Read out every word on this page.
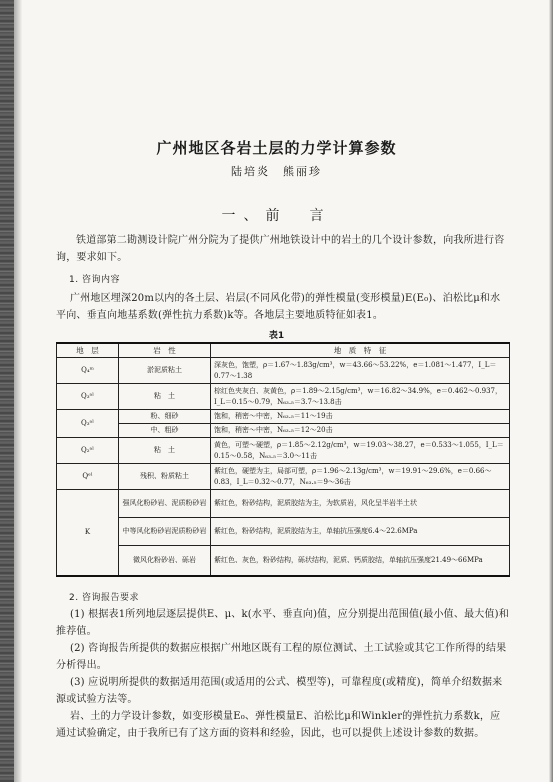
广州地区各岩土层的力学计算参数
陆培炎　熊丽珍
一、前　言
铁道部第二勘测设计院广州分院为了提供广州地铁设计中的岩土的几个设计参数，向我所进行咨询，要求如下。
1. 咨询内容
广州地区埋深20m以内的各土层、岩层(不同风化带)的弹性模量(变形模量)E(E₀)、泊松比μ和水平向、垂直向地基系数(弹性抗力系数)k等。各地层主要地质特征如表1。
表1
地　层	岩　性	地　质　特　征
Q₄ᵐ	淤泥质粘土	深灰色，饱塑，ρ＝1.67～1.83g/cm³，w＝43.66～53.22%，e＝1.081～1.477，I_L＝0.77～1.38
Q₃ᵃˡ	粘　土	棕红色夹灰白、灰黄色，ρ＝1.89～2.15g/cm³，w＝16.82～34.9%，e＝0.462～0.937，I_L＝0.15～0.79，N₆₃.₅＝3.7～13.8击
Q₃ᵃˡ	粉、细砂	饱和，稍密～中密，N₆₃.₅＝11～19击
	中、粗砂	饱和，稍密～中密，N₆₃.₅＝12～20击
Q₂ᵃˡ	粘　土	黄色，可塑～硬塑，ρ＝1.85～2.12g/cm³，w＝19.03～38.27，e＝0.533～1.055，I_L＝0.15～0.58，N₆₃.₅＝3.0～11击
Qᵉˡ	残积、粉质粘土	紫红色，硬塑为主，局部可塑，ρ＝1.96～2.13g/cm³，w＝19.91～29.6%，e＝0.66～0.83，I_L＝0.32～0.77，N₆₃.₅＝9～36击
K	强风化粉砂岩、泥质粉砂岩	紫红色，粉砂结构，泥质胶结为主，为软质岩，风化呈半岩半土状
	中等风化粉砂岩泥质粉砂岩	紫红色，粉砂结构，泥质胶结为主，单轴抗压强度6.4～22.6MPa
	微风化粉砂岩、砾岩	紫红色、灰色，粉砂结构，砾状结构，泥质、钙质胶结，单轴抗压强度21.49～66MPa
2. 咨询报告要求
(1) 根据表1所列地层逐层提供E、μ、k(水平、垂直向)值，应分别提出范围值(最小值、最大值)和推荐值。
(2) 咨询报告所提供的数据应根据广州地区既有工程的原位测试、土工试验或其它工作所得的结果分析得出。
(3) 应说明所提供的数据适用范围(或适用的公式、模型等)，可靠程度(或精度)，简单介绍数据来源或试验方法等。
岩、土的力学设计参数，如变形模量E₀、弹性模量E、泊松比μ和Winkler的弹性抗力系数k，应通过试验确定，由于我所已有了这方面的资料和经验，因此，也可以提供上述设计参数的数据。
